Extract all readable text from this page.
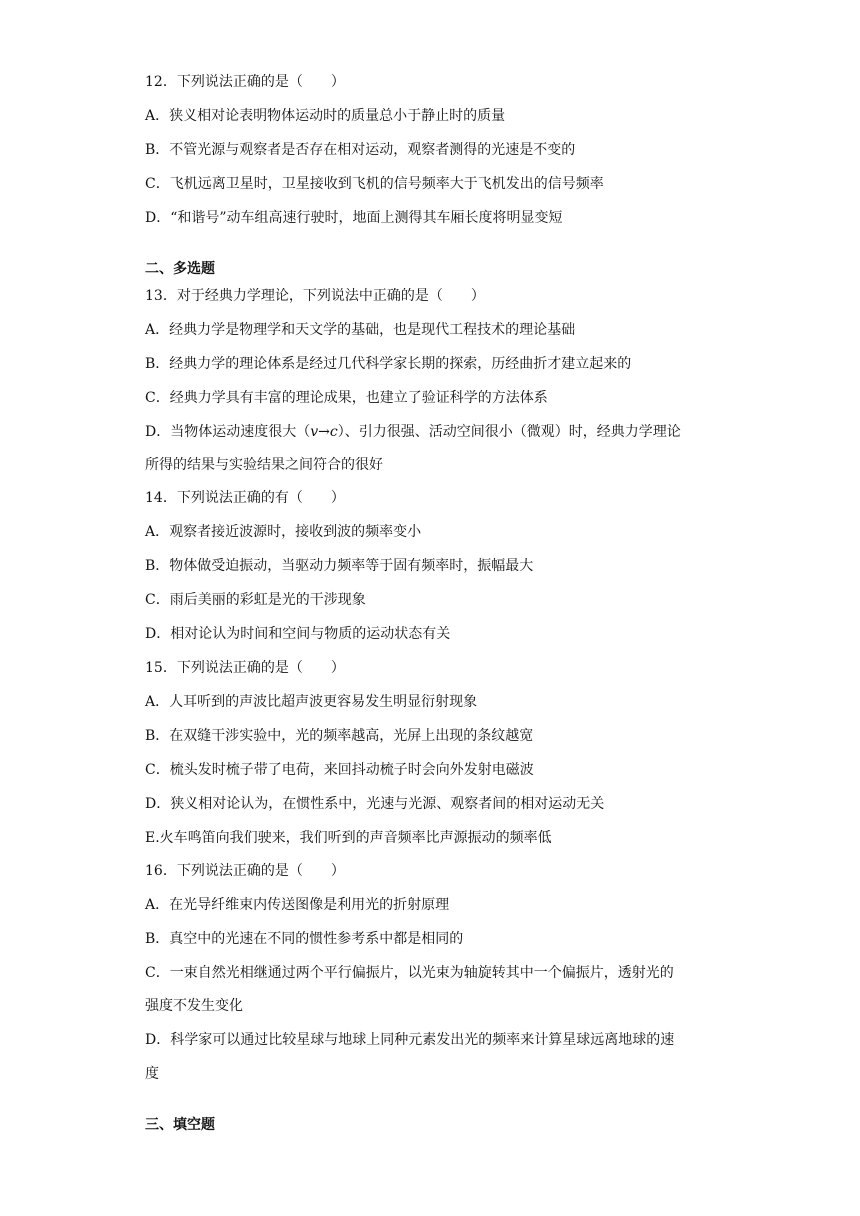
12．下列说法正确的是（　　）
A．狭义相对论表明物体运动时的质量总小于静止时的质量
B．不管光源与观察者是否存在相对运动，观察者测得的光速是不变的
C．飞机远离卫星时，卫星接收到飞机的信号频率大于飞机发出的信号频率
D．“和谐号”动车组高速行驶时，地面上测得其车厢长度将明显变短
二、多选题
13．对于经典力学理论，下列说法中正确的是（　　）
A．经典力学是物理学和天文学的基础，也是现代工程技术的理论基础
B．经典力学的理论体系是经过几代科学家长期的探索，历经曲折才建立起来的
C．经典力学具有丰富的理论成果，也建立了验证科学的方法体系
D．当物体运动速度很大（v→c）、引力很强、活动空间很小（微观）时，经典力学理论
所得的结果与实验结果之间符合的很好
14．下列说法正确的有（　　）
A．观察者接近波源时，接收到波的频率变小
B．物体做受迫振动，当驱动力频率等于固有频率时，振幅最大
C．雨后美丽的彩虹是光的干涉现象
D．相对论认为时间和空间与物质的运动状态有关
15．下列说法正确的是（　　）
A．人耳听到的声波比超声波更容易发生明显衍射现象
B．在双缝干涉实验中，光的频率越高，光屏上出现的条纹越宽
C．梳头发时梳子带了电荷，来回抖动梳子时会向外发射电磁波
D．狭义相对论认为，在惯性系中，光速与光源、观察者间的相对运动无关
E.火车鸣笛向我们驶来，我们听到的声音频率比声源振动的频率低
16．下列说法正确的是（　　）
A．在光导纤维束内传送图像是利用光的折射原理
B．真空中的光速在不同的惯性参考系中都是相同的
C．一束自然光相继通过两个平行偏振片，以光束为轴旋转其中一个偏振片，透射光的
强度不发生变化
D．科学家可以通过比较星球与地球上同种元素发出光的频率来计算星球远离地球的速
度
三、填空题
